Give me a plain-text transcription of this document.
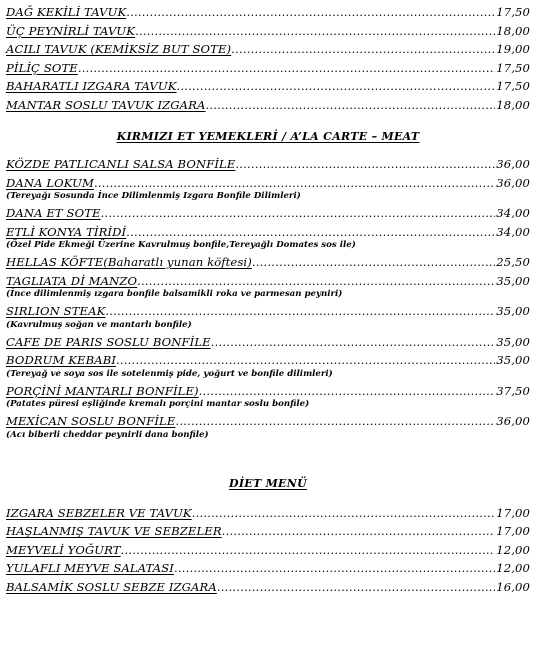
DAĞ KEKİLİ TAVUK .....	17,50
ÜÇ PEYNİRLİ TAVUK .....	18,00
ACILI TAVUK (KEMİKSİZ BUT SOTE) .....	19,00
PİLİÇ SOTE .....	17,50
BAHARATLI IZGARA TAVUK .....	17,50
MANTAR SOSLU TAVUK IZGARA .....	18,00
KIRMIZI ET YEMEKLERİ / A’LA CARTE – MEAT
KÖZDE PATLICANLI SALSA BONFİLE .....	36,00
DANA LOKUM .....	36,00
(Tereyağı Sosunda İnce Dilimlenmiş Izgara Bonfile Dilimleri)
DANA ET SOTE .....	34,00
ETLİ KONYA TİRİDİ .....	34,00
(Özel Pide Ekmeği Üzerine Kavrulmuş bonfile,Tereyağlı Domates sos ile)
HELLAS KÖFTE(Baharatlı yunan köftesi) .....	25,50
TAGLIATA Dİ MANZO .....	35,00
(İnce dilimlenmiş ızgara bonfile balsamikli roka ve parmesan peyniri)
SIRLION STEAK .....	35,00
(Kavrulmuş soğan ve mantarlı bonfile)
CAFE DE PARIS SOSLU BONFİLE .....	35,00
BODRUM KEBABI .....	35,00
(Tereyağ ve soya sos ile sotelenmiş pide, yoğurt ve bonfile dilimleri)
PORÇİNİ MANTARLI BONFİLE) .....	37,50
(Patates püresi eşliğinde kremalı porçini mantar soslu bonfile)
MEXİCAN SOSLU BONFİLE .....	36,00
(Acı biberli cheddar peynirli dana bonfile)
DİET MENÜ
IZGARA SEBZELER VE TAVUK .....	17,00
HAŞLANMIŞ TAVUK VE SEBZELER .....	17,00
MEYVELİ YOĞURT .....	12,00
YULAFLI MEYVE SALATASI .....	12,00
BALSAMİK SOSLU SEBZE IZGARA .....	16,00
